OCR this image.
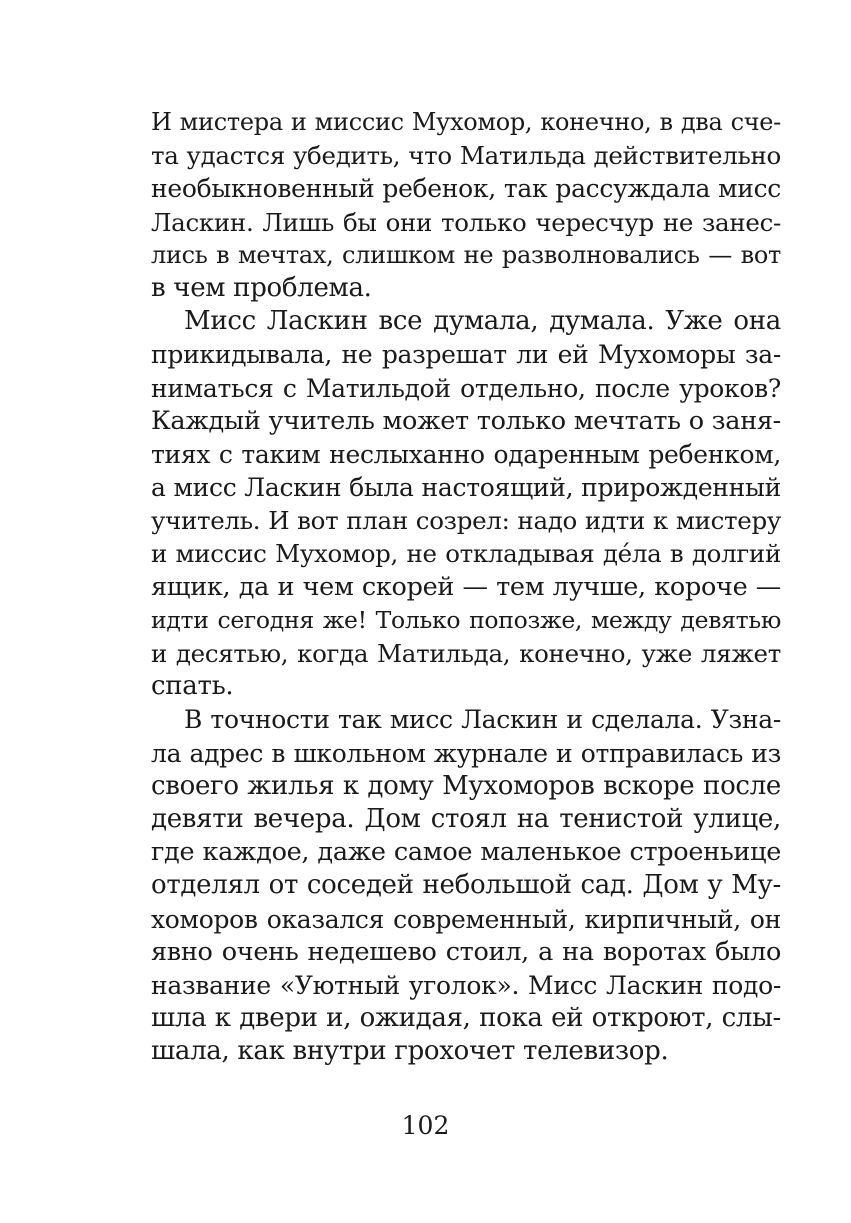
И мистера и миссис Мухомор, конечно, в два сче-
та удастся убедить, что Матильда действительно
необыкновенный ребенок, так рассуждала мисс
Ласкин. Лишь бы они только чересчур не занес-
лись в мечтах, слишком не разволновались — вот
в чем проблема.
Мисс Ласкин все думала, думала. Уже она
прикидывала, не разрешат ли ей Мухоморы за-
ниматься с Матильдой отдельно, после уроков?
Каждый учитель может только мечтать о заня-
тиях с таким неслыханно одаренным ребенком,
а мисс Ласкин была настоящий, прирожденный
учитель. И вот план созрел: надо идти к мистеру
и миссис Мухомор, не откладывая де́ла в долгий
ящик, да и чем скорей — тем лучше, короче —
идти сегодня же! Только попозже, между девятью
и десятью, когда Матильда, конечно, уже ляжет
спать.
В точности так мисс Ласкин и сделала. Узна-
ла адрес в школьном журнале и отправилась из
своего жилья к дому Мухоморов вскоре после
девяти вечера. Дом стоял на тенистой улице,
где каждое, даже самое маленькое строеньице
отделял от соседей небольшой сад. Дом у Му-
хоморов оказался современный, кирпичный, он
явно очень недешево стоил, а на воротах было
название «Уютный уголок». Мисс Ласкин подо-
шла к двери и, ожидая, пока ей откроют, слы-
шала, как внутри грохочет телевизор.
102
